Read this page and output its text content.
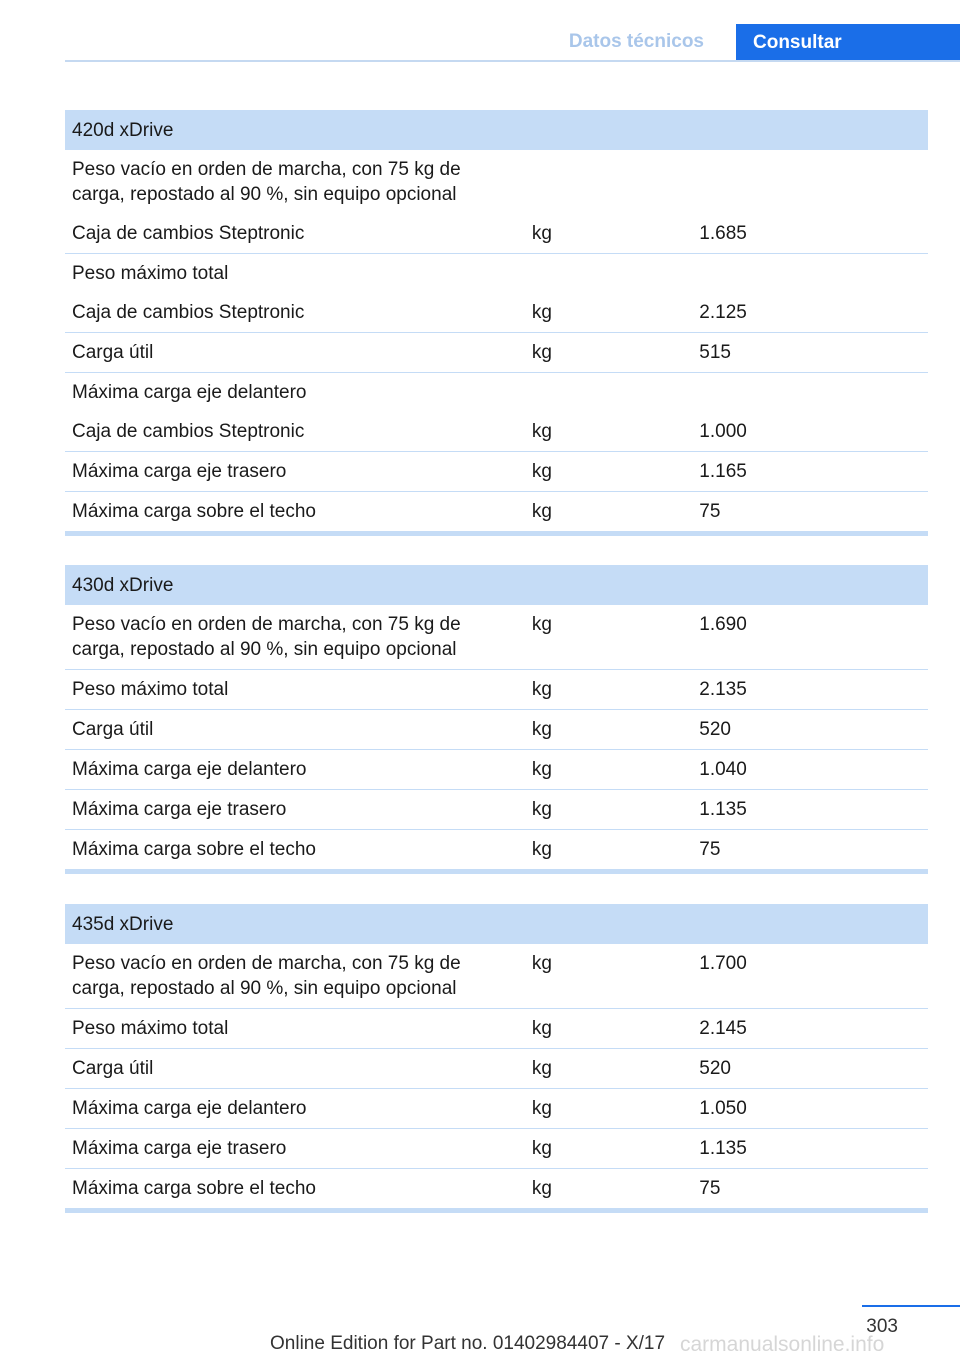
Datos técnicos	Consultar
420d xDrive		
Peso vacío en orden de marcha, con 75 kg de carga, repostado al 90 %, sin equipo opcional		
Caja de cambios Steptronic	kg	1.685
Peso máximo total		
Caja de cambios Steptronic	kg	2.125
Carga útil	kg	515
Máxima carga eje delantero		
Caja de cambios Steptronic	kg	1.000
Máxima carga eje trasero	kg	1.165
Máxima carga sobre el techo	kg	75
430d xDrive		
Peso vacío en orden de marcha, con 75 kg de carga, repostado al 90 %, sin equipo opcional	kg	1.690
Peso máximo total	kg	2.135
Carga útil	kg	520
Máxima carga eje delantero	kg	1.040
Máxima carga eje trasero	kg	1.135
Máxima carga sobre el techo	kg	75
435d xDrive		
Peso vacío en orden de marcha, con 75 kg de carga, repostado al 90 %, sin equipo opcional	kg	1.700
Peso máximo total	kg	2.145
Carga útil	kg	520
Máxima carga eje delantero	kg	1.050
Máxima carga eje trasero	kg	1.135
Máxima carga sobre el techo	kg	75
303
Online Edition for Part no. 01402984407 - X/17 carmanualsonline.info
